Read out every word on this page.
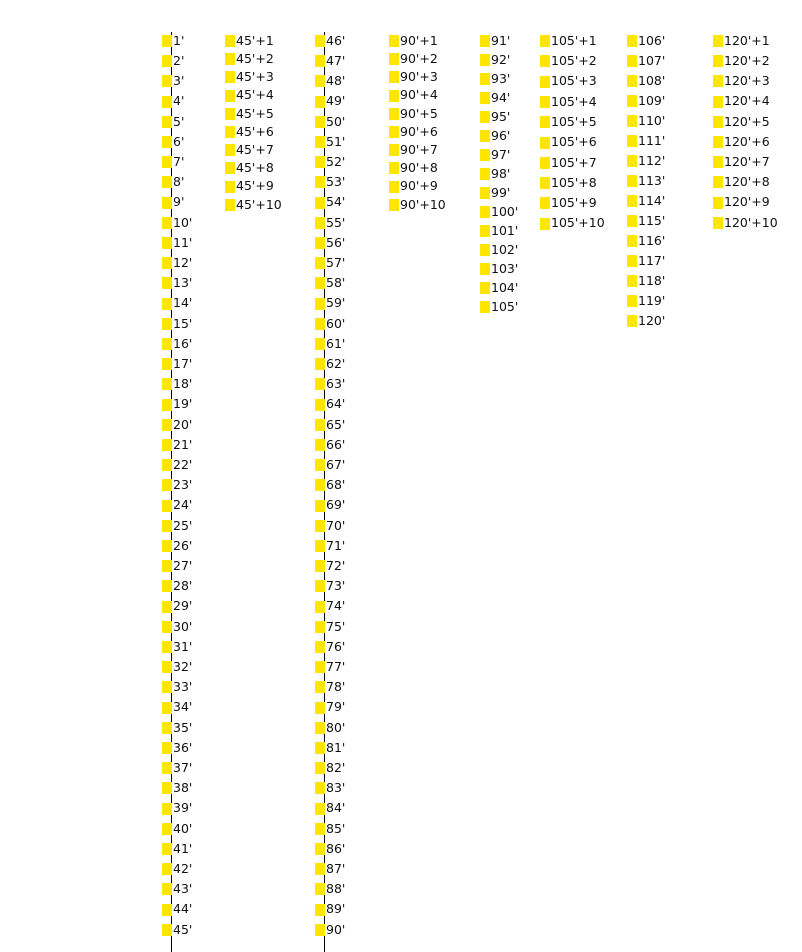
1'
2'
3'
4'
5'
6'
7'
8'
9'
10'
11'
12'
13'
14'
15'
16'
17'
18'
19'
20'
21'
22'
23'
24'
25'
26'
27'
28'
29'
30'
31'
32'
33'
34'
35'
36'
37'
38'
39'
40'
41'
42'
43'
44'
45'
45'+1
45'+2
45'+3
45'+4
45'+5
45'+6
45'+7
45'+8
45'+9
45'+10
46'
47'
48'
49'
50'
51'
52'
53'
54'
55'
56'
57'
58'
59'
60'
61'
62'
63'
64'
65'
66'
67'
68'
69'
70'
71'
72'
73'
74'
75'
76'
77'
78'
79'
80'
81'
82'
83'
84'
85'
86'
87'
88'
89'
90'
90'+1
90'+2
90'+3
90'+4
90'+5
90'+6
90'+7
90'+8
90'+9
90'+10
91'
92'
93'
94'
95'
96'
97'
98'
99'
100'
101'
102'
103'
104'
105'
105'+1
105'+2
105'+3
105'+4
105'+5
105'+6
105'+7
105'+8
105'+9
105'+10
106'
107'
108'
109'
110'
111'
112'
113'
114'
115'
116'
117'
118'
119'
120'
120'+1
120'+2
120'+3
120'+4
120'+5
120'+6
120'+7
120'+8
120'+9
120'+10
